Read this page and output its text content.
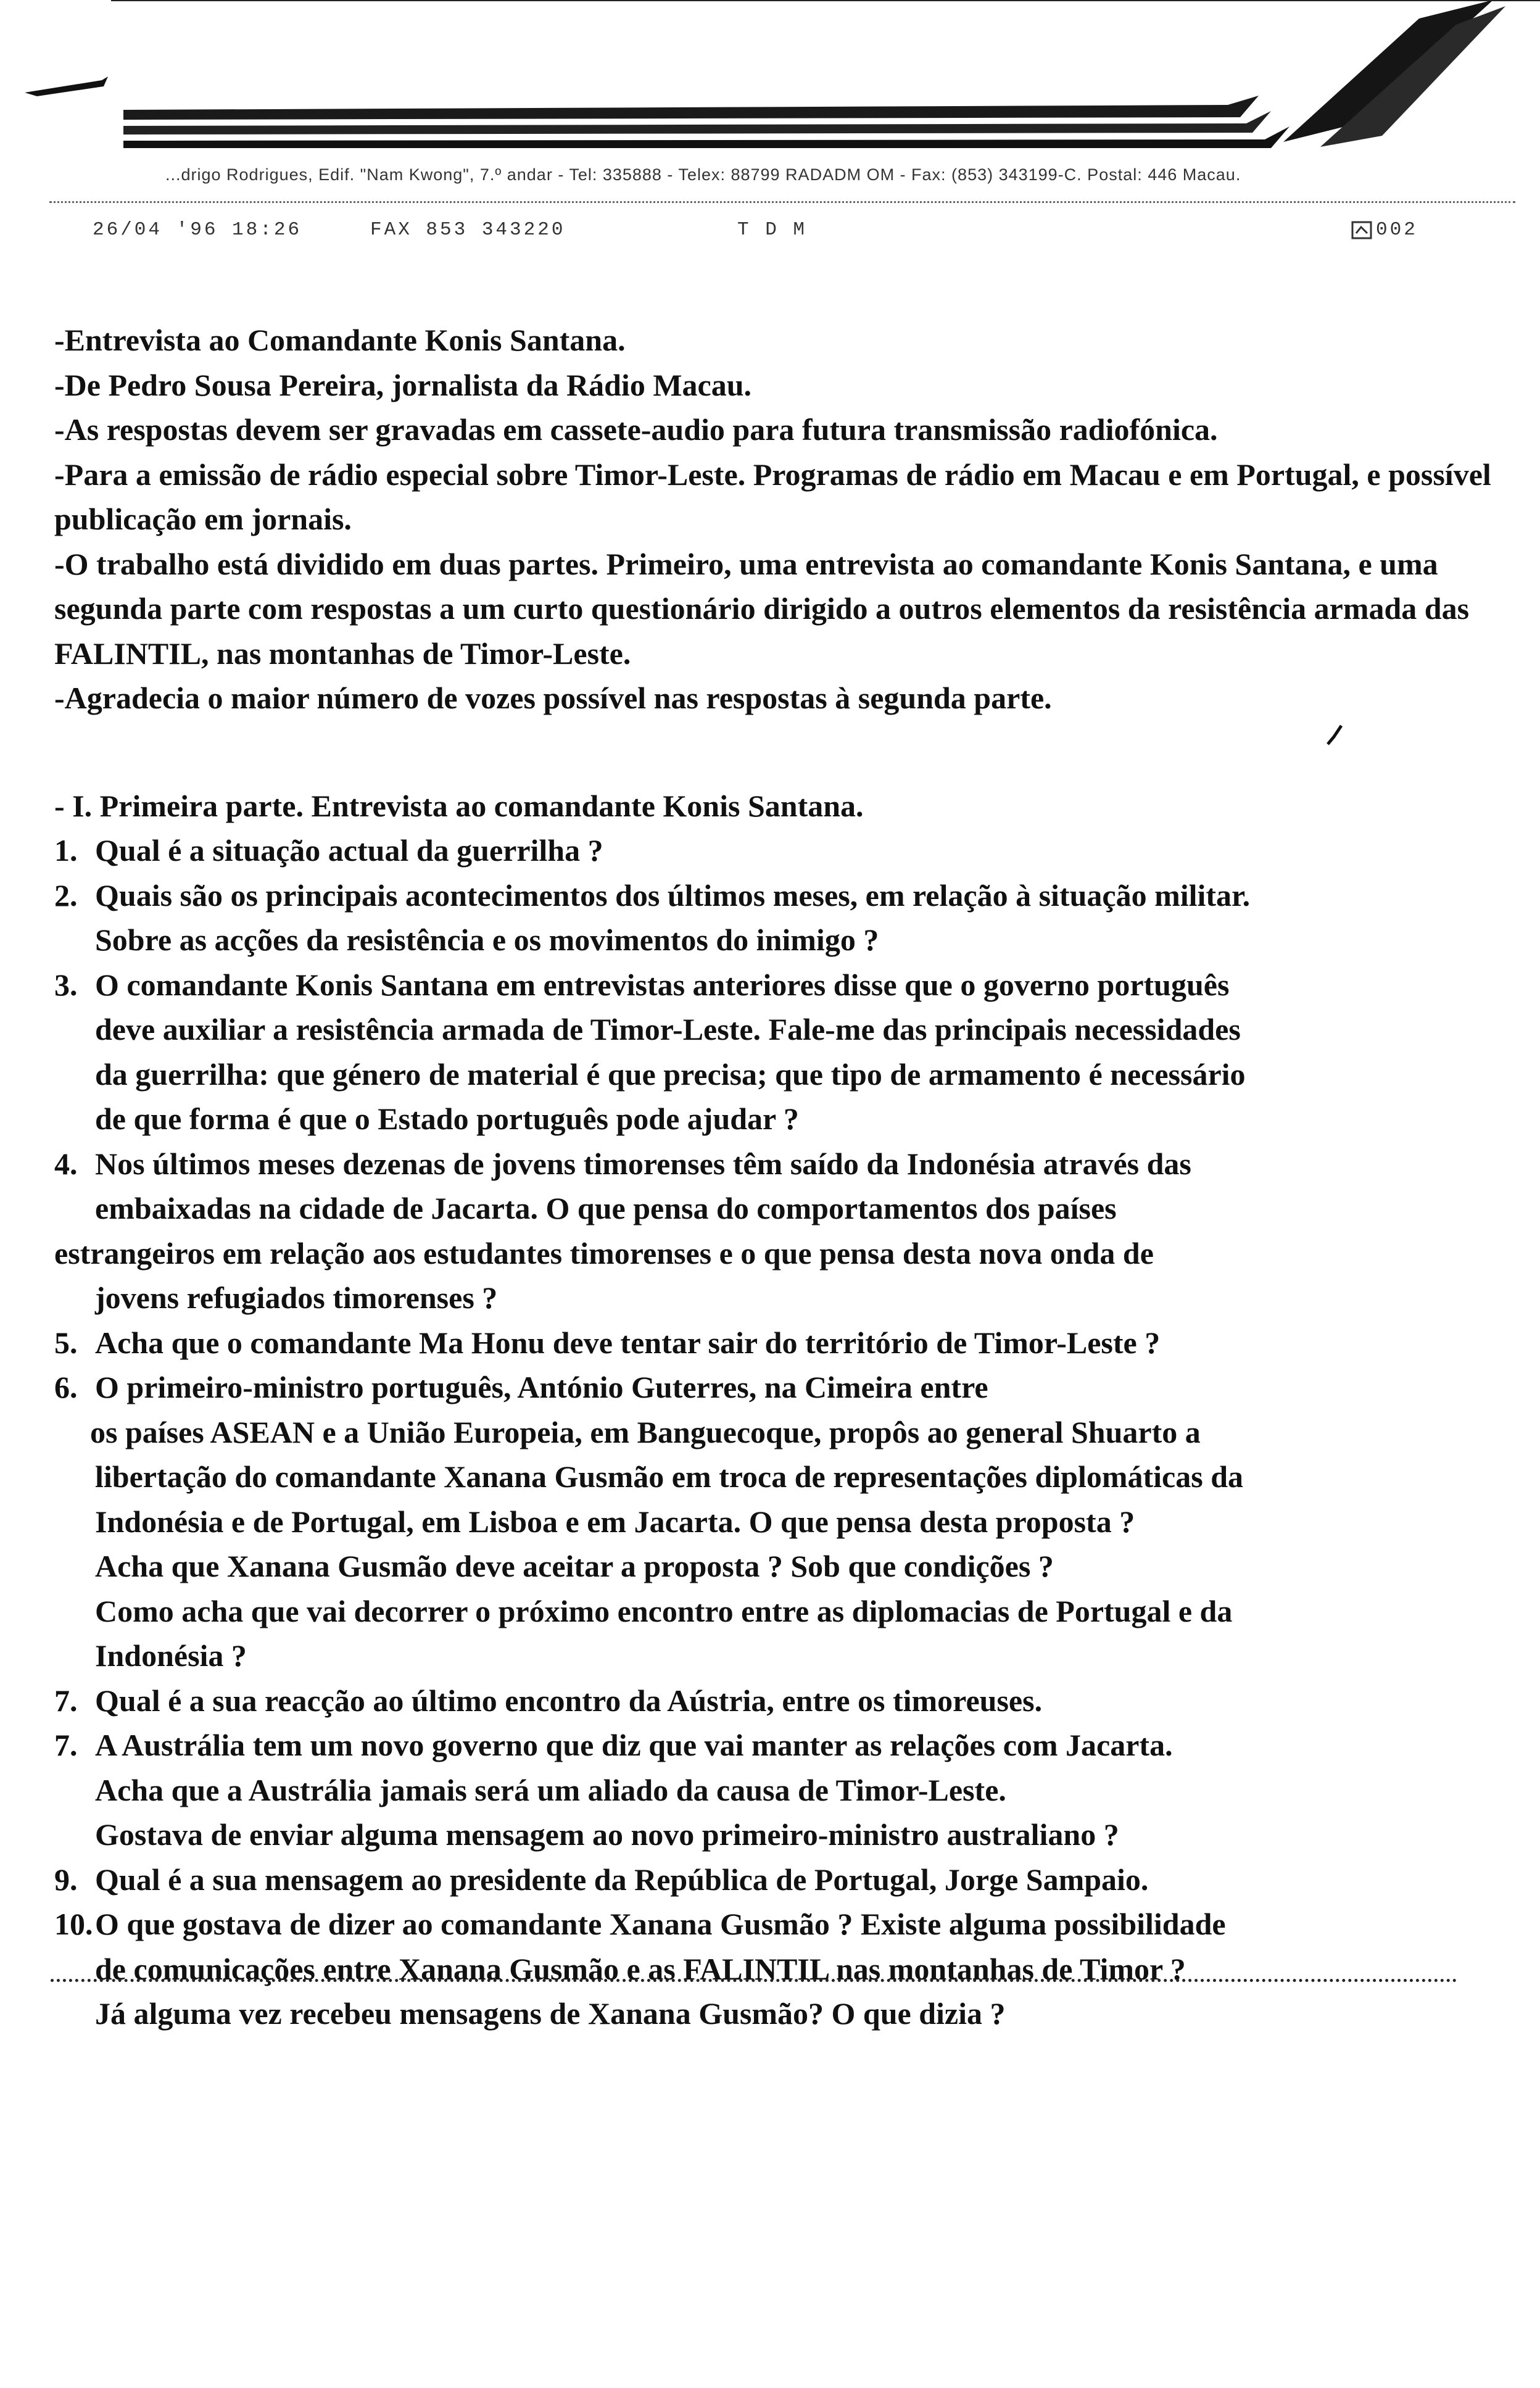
...drigo Rodrigues, Edif. "Nam Kwong", 7.º andar - Tel: 335888 - Telex: 88799 RADADM OM - Fax: (853) 343199-C. Postal: 446 Macau.
26/04 '96 18:26	FAX 853 343220	T D M	002

-Entrevista ao Comandante Konis Santana.

-De Pedro Sousa Pereira, jornalista da Rádio Macau.

-As respostas devem ser gravadas em cassete-audio para futura transmissão radiofónica.

-Para a emissão de rádio especial sobre Timor-Leste. Programas de rádio em Macau e em Portugal, e possível publicação em jornais.

-O trabalho está dividido em duas partes. Primeiro, uma entrevista ao comandante Konis Santana, e uma segunda parte com respostas a um curto questionário dirigido a outros elementos da resistência armada das FALINTIL, nas montanhas de Timor-Leste.

-Agradecia o maior número de vozes possível nas respostas à segunda parte.

- I. Primeira parte. Entrevista ao comandante Konis Santana.

1. Qual é a situação actual da guerrilha ?

2. Quais são os principais acontecimentos dos últimos meses, em relação à situação militar.

Sobre as acções da resistência e os movimentos do inimigo ?

3. O comandante Konis Santana em entrevistas anteriores disse que o governo português

deve auxiliar a resistência armada de Timor-Leste. Fale-me das principais necessidades

da guerrilha: que género de material é que precisa; que tipo de armamento é necessário

de que forma é que o Estado português pode ajudar ?

4. Nos últimos meses dezenas de jovens timorenses têm saído da Indonésia através das

embaixadas na cidade de Jacarta. O que pensa do comportamentos dos países

estrangeiros em relação aos estudantes timorenses e o que pensa desta nova onda de

jovens refugiados timorenses ?

5. Acha que o comandante Ma Honu deve tentar sair do território de Timor-Leste ?

6. O primeiro-ministro português, António Guterres, na Cimeira entre

os países ASEAN e a União Europeia, em Banguecoque, propôs ao general Shuarto a

libertação do comandante Xanana Gusmão em troca de representações diplomáticas da

Indonésia e de Portugal, em Lisboa e em Jacarta. O que pensa desta proposta ?

Acha que Xanana Gusmão deve aceitar a proposta ? Sob que condições ?

Como acha que vai decorrer o próximo encontro entre as diplomacias de Portugal e da

Indonésia ?

7. Qual é a sua reacção ao último encontro da Aústria, entre os timoreuses.

7. A Austrália tem um novo governo que diz que vai manter as relações com Jacarta.

Acha que a Austrália jamais será um aliado da causa de Timor-Leste.

Gostava de enviar alguma mensagem ao novo primeiro-ministro australiano ?

9. Qual é a sua mensagem ao presidente da República de Portugal, Jorge Sampaio.

10.O que gostava de dizer ao comandante Xanana Gusmão ? Existe alguma possibilidade

de comunicações entre Xanana Gusmão e as FALINTIL nas montanhas de Timor ?

Já alguma vez recebeu mensagens de Xanana Gusmão? O que dizia ?
